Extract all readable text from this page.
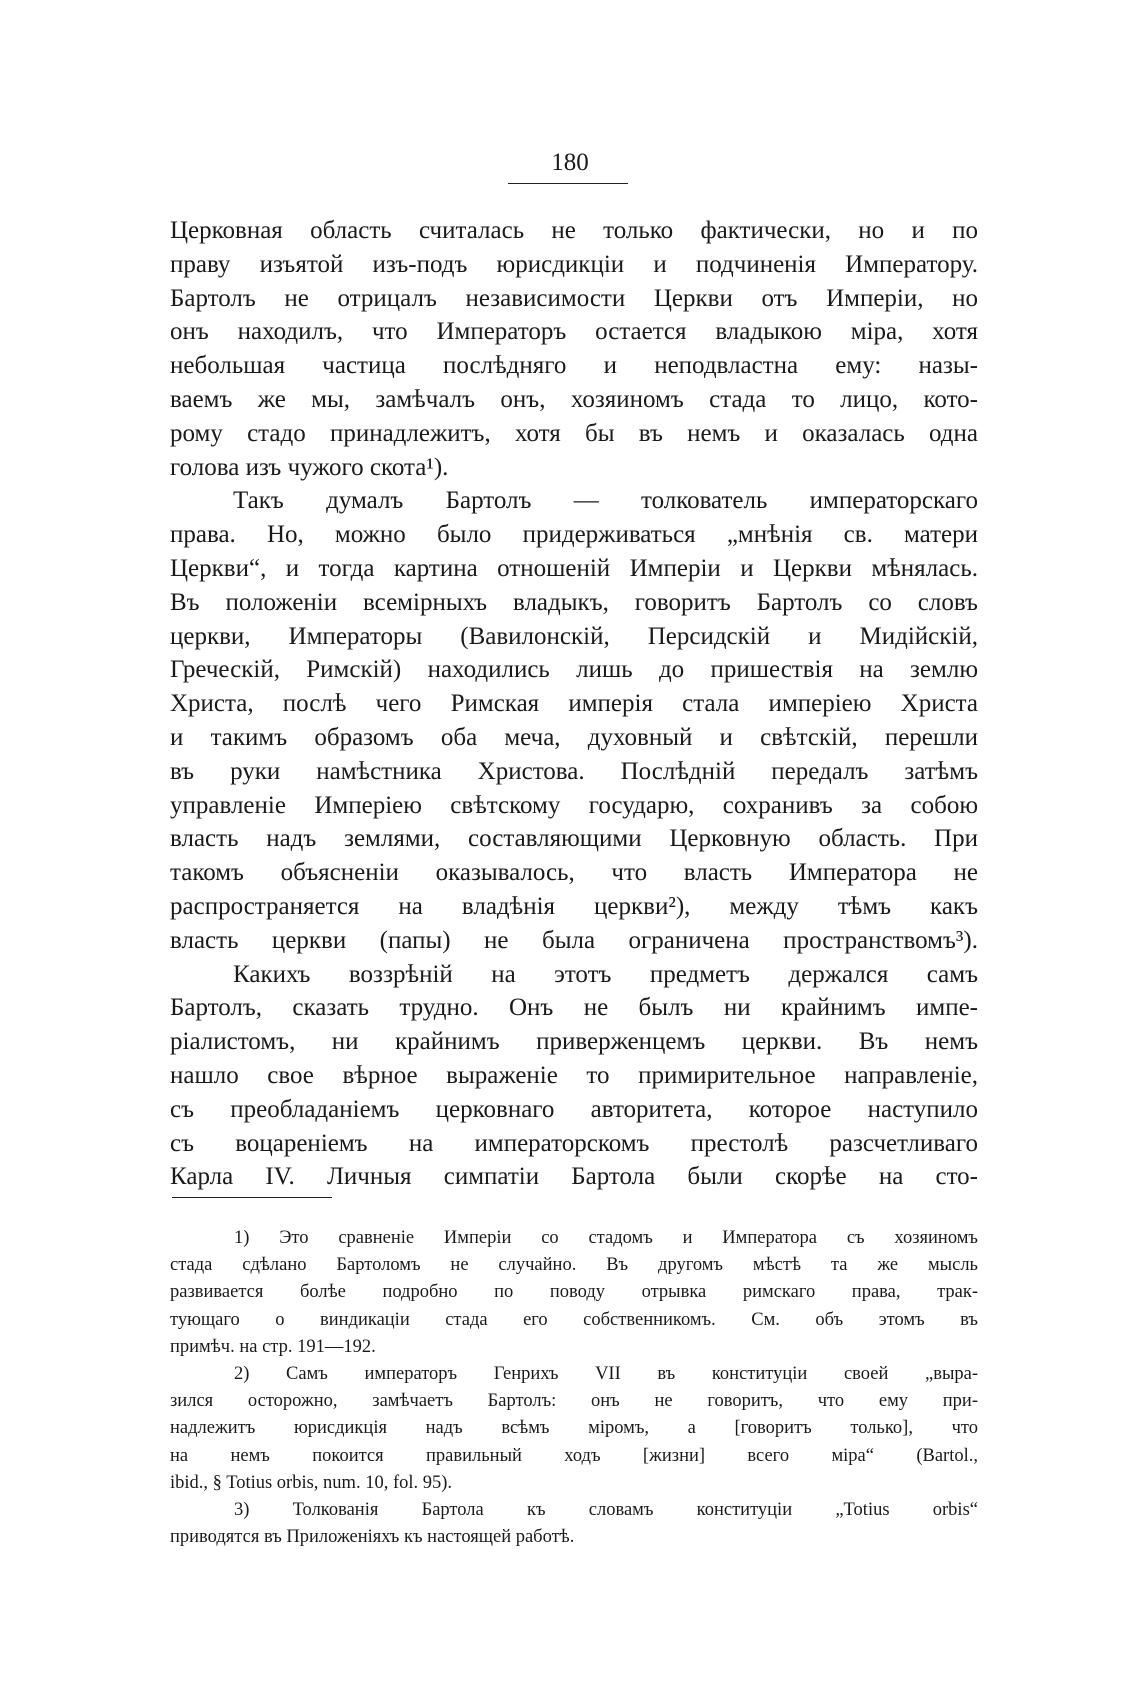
180
Церковная область считалась не только фактически, но и по
праву изъятой изъ-подъ юрисдикціи и подчиненія Императору.
Бартолъ не отрицалъ независимости Церкви отъ Имперіи, но
онъ находилъ, что Императоръ остается владыкою міра, хотя
небольшая частица послѣдняго и неподвластна ему: назы-
ваемъ же мы, замѣчалъ онъ, хозяиномъ стада то лицо, кото-
рому стадо принадлежитъ, хотя бы въ немъ и оказалась одна
голова изъ чужого скота¹).
Такъ думалъ Бартолъ — толкователь императорскаго
права. Но, можно было придерживаться „мнѣнія св. матери
Церкви“, и тогда картина отношеній Имперіи и Церкви мѣнялась.
Въ положеніи всемірныхъ владыкъ, говоритъ Бартолъ со словъ
церкви, Императоры (Вавилонскій, Персидскій и Мидійскій,
Греческій, Римскій) находились лишь до пришествія на землю
Христа, послѣ чего Римская имперія стала имперіею Христа
и такимъ образомъ оба меча, духовный и свѣтскій, перешли
въ руки намѣстника Христова. Послѣдній передалъ затѣмъ
управленіе Имперіею свѣтскому государю, сохранивъ за собою
власть надъ землями, составляющими Церковную область. При
такомъ объясненіи оказывалось, что власть Императора не
распространяется на владѣнія церкви²), между тѣмъ какъ
власть церкви (папы) не была ограничена пространствомъ³).
Какихъ воззрѣній на этотъ предметъ держался самъ
Бартолъ, сказать трудно. Онъ не былъ ни крайнимъ импе-
ріалистомъ, ни крайнимъ приверженцемъ церкви. Въ немъ
нашло свое вѣрное выраженіе то примирительное направленіе,
съ преобладаніемъ церковнаго авторитета, которое наступило
съ воцареніемъ на императорскомъ престолѣ разсчетливаго
Карла IV. Личныя симпатіи Бартола были скорѣе на сто-
1) Это сравненіе Имперіи со стадомъ и Императора съ хозяиномъ
стада сдѣлано Бартоломъ не случайно. Въ другомъ мѣстѣ та же мысль
развивается болѣе подробно по поводу отрывка римскаго права, трак-
тующаго о виндикаціи стада его собственникомъ. См. объ этомъ въ
примѣч. на стр. 191—192.
2) Самъ императоръ Генрихъ VII въ конституціи своей „выра-
зился осторожно, замѣчаетъ Бартолъ: онъ не говоритъ, что ему при-
надлежитъ юрисдикція надъ всѣмъ міромъ, а [говоритъ только], что
на немъ покоится правильный ходъ [жизни] всего міра“ (Bartol.,
ibid., § Totius orbis, num. 10, fol. 95).
3) Толкованія Бартола къ словамъ конституціи „Totius orbis“
приводятся въ Приложеніяхъ къ настоящей работѣ.
